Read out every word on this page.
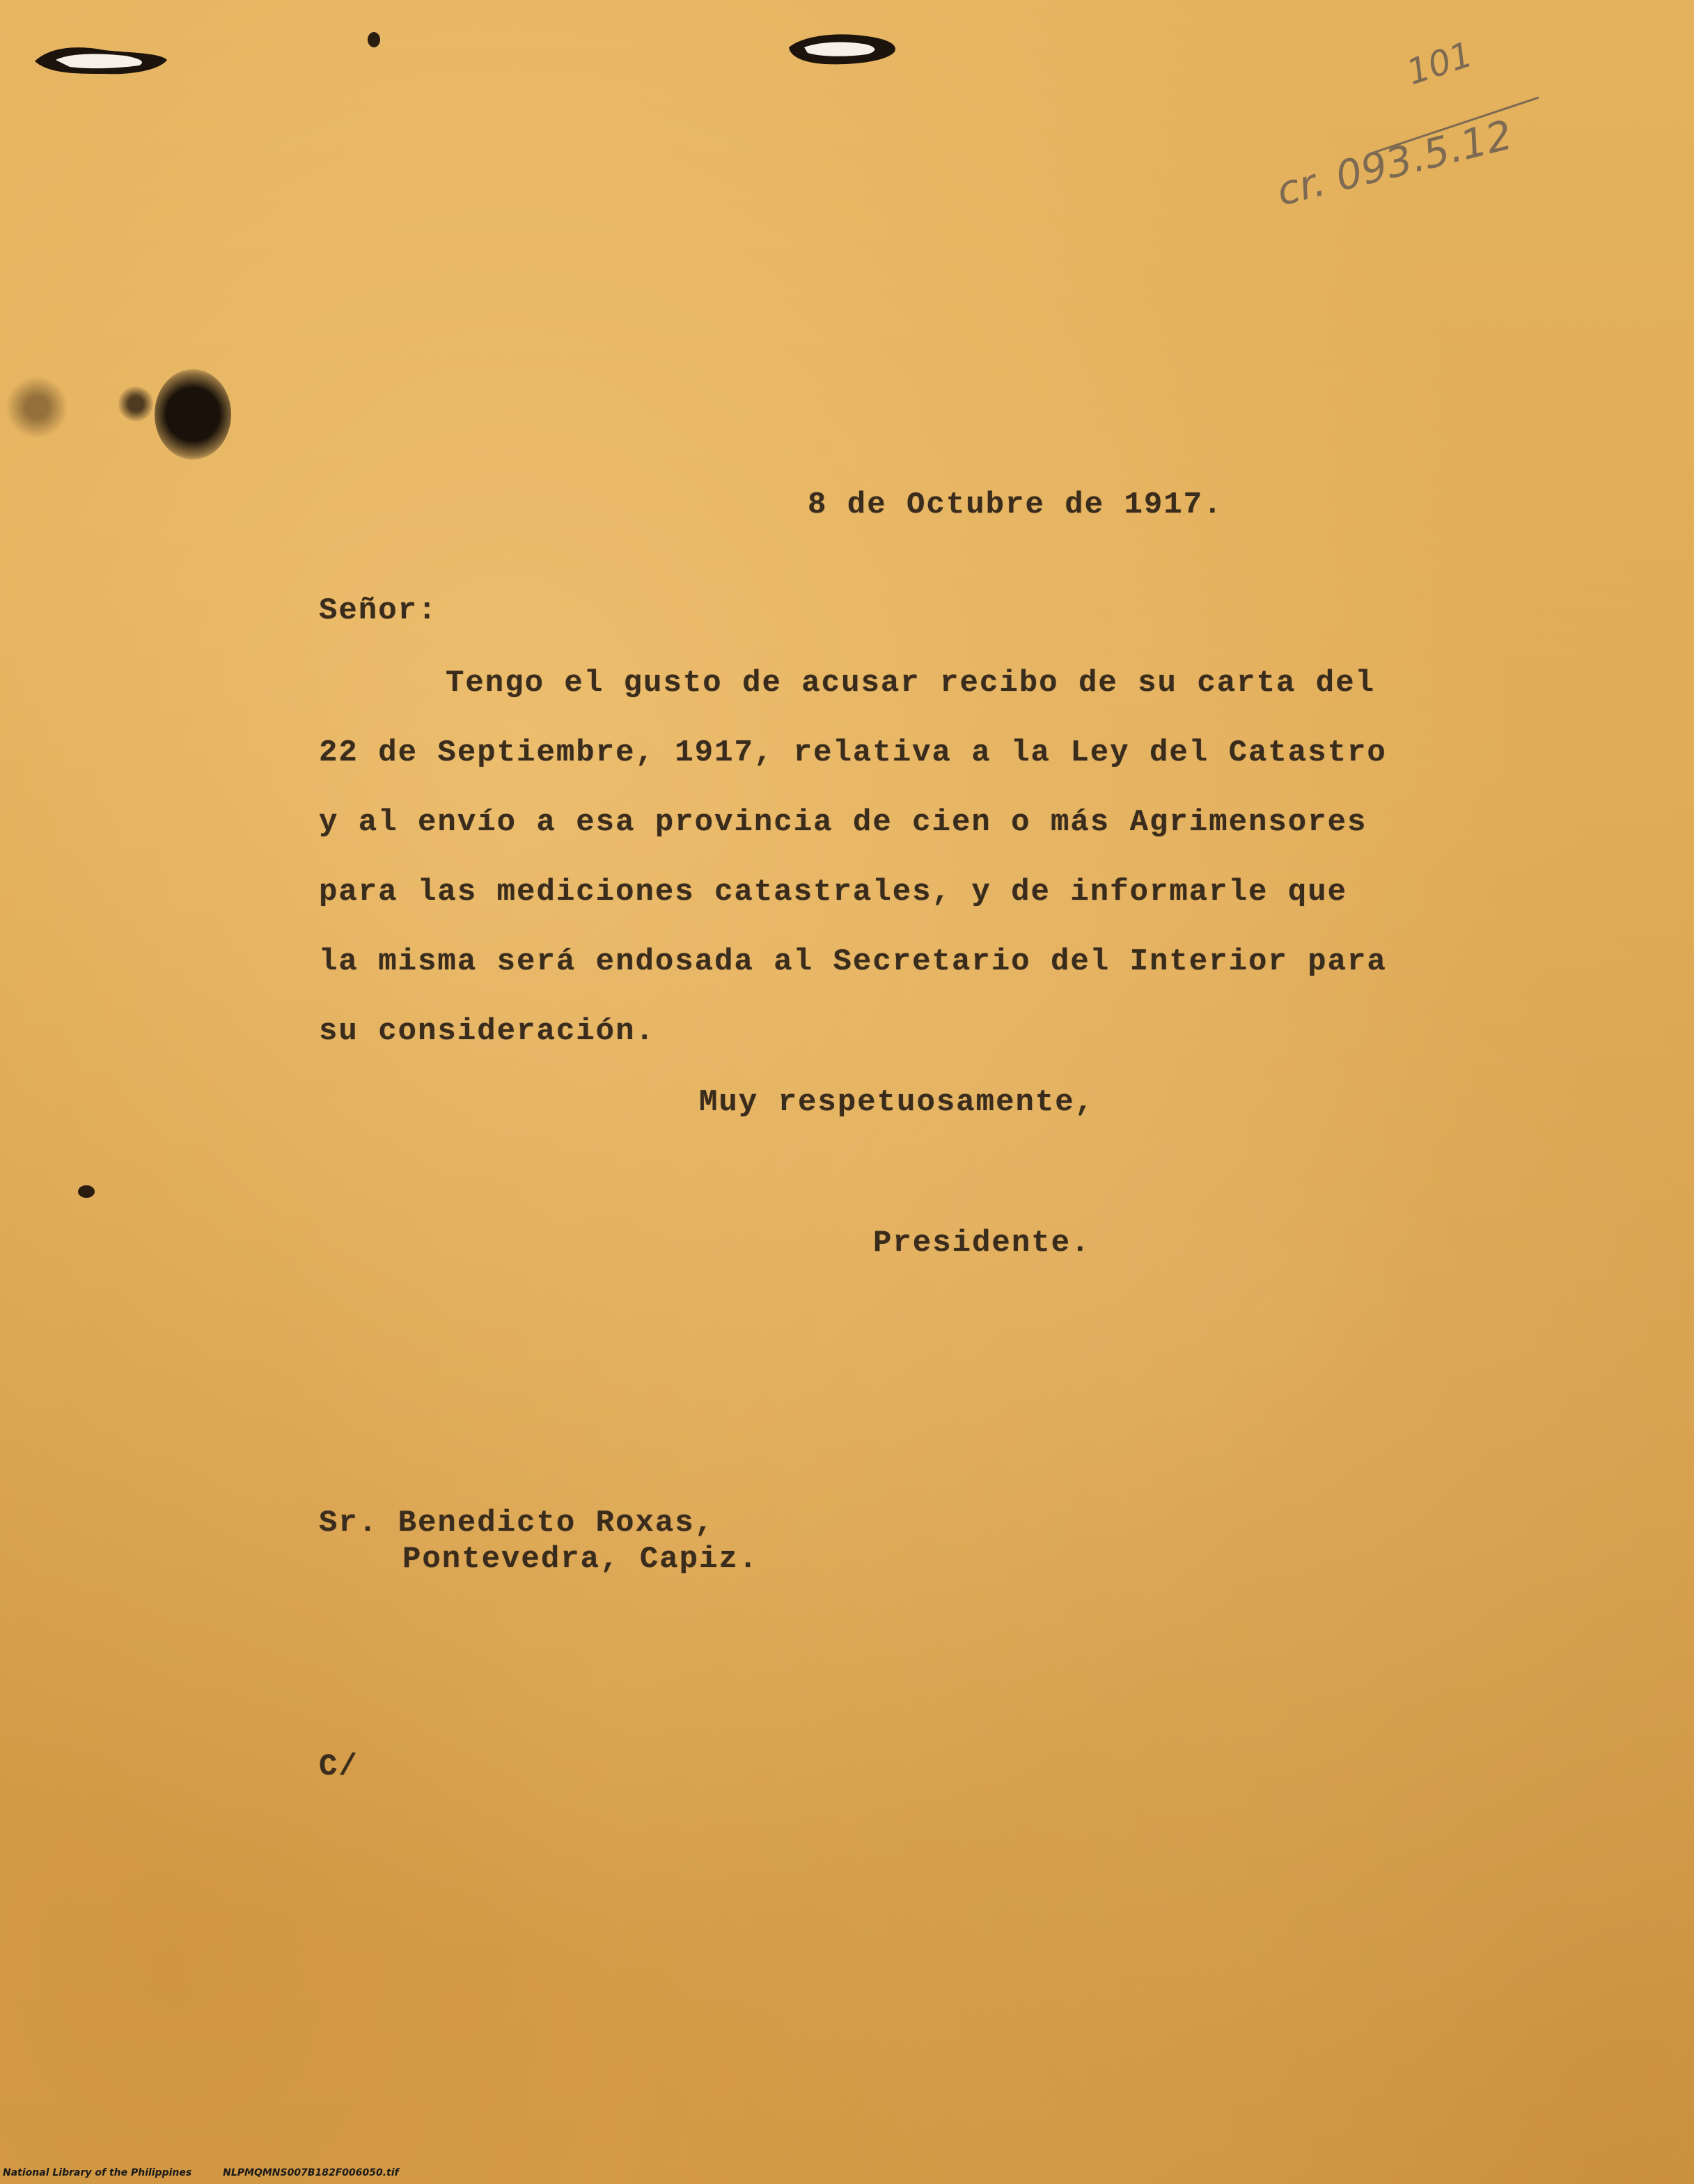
101
cr. 093.5.12
8 de Octubre de 1917.
Señor:
Tengo el gusto de acusar recibo de su carta del
22 de Septiembre, 1917, relativa a la Ley del Catastro
y al envío a esa provincia de cien o más Agrimensores
para las mediciones catastrales, y de informarle que
la misma será endosada al Secretario del Interior para
su consideración.
Muy respetuosamente,
Presidente.
Sr. Benedicto Roxas,
Pontevedra, Capiz.
C/
National Library of the Philippines	NLPMQMNS007B182F006050.tif
